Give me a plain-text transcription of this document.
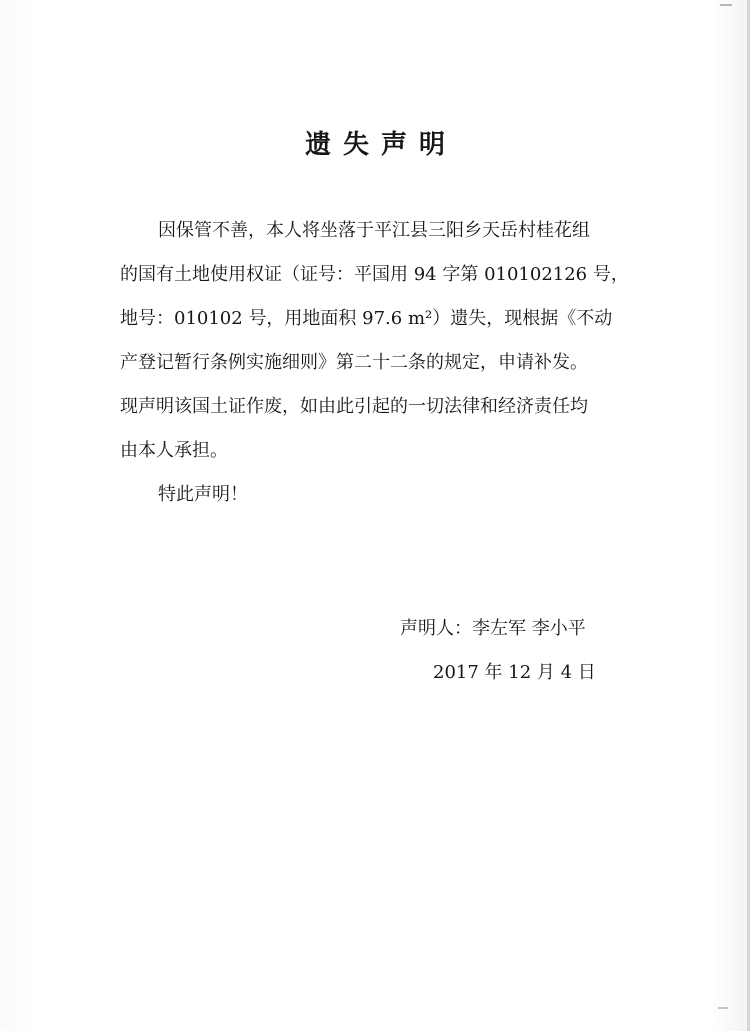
遗失声明
因保管不善，本人将坐落于平江县三阳乡天岳村桂花组
的国有土地使用权证（证号：平国用 94 字第 010102126 号，
地号：010102 号，用地面积 97.6 m²）遗失，现根据《不动
产登记暂行条例实施细则》第二十二条的规定，申请补发。
现声明该国土证作废，如由此引起的一切法律和经济责任均
由本人承担。
特此声明！
声明人：李左军 李小平
2017 年 12 月 4 日
